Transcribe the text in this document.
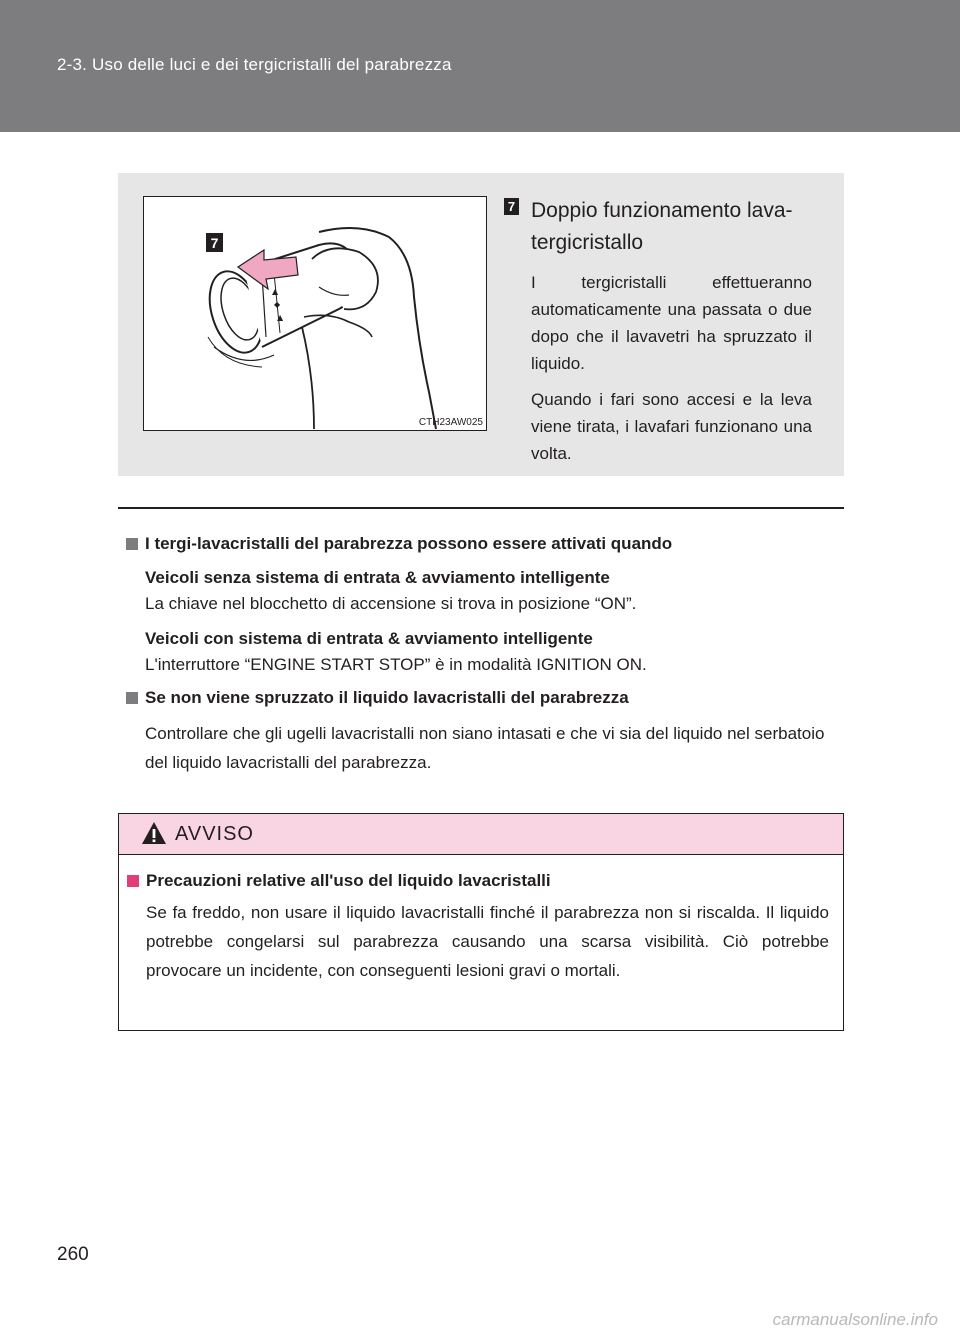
2-3. Uso delle luci e dei tergicristalli del parabrezza
▲
◆
▲
7
CTH23AW025
7 Doppio funzionamento lava-tergicristallo
I tergicristalli effettueranno automaticamente una passata o due dopo che il lavavetri ha spruzzato il liquido.
Quando i fari sono accesi e la leva viene tirata, i lavafari funzionano una volta.
I tergi-lavacristalli del parabrezza possono essere attivati quando
Veicoli senza sistema di entrata & avviamento intelligente
La chiave nel blocchetto di accensione si trova in posizione “ON”.
Veicoli con sistema di entrata & avviamento intelligente
L'interruttore “ENGINE START STOP” è in modalità IGNITION ON.
Se non viene spruzzato il liquido lavacristalli del parabrezza
Controllare che gli ugelli lavacristalli non siano intasati e che vi sia del liquido nel serbatoio del liquido lavacristalli del parabrezza.
AVVISO
Precauzioni relative all'uso del liquido lavacristalli
Se fa freddo, non usare il liquido lavacristalli finché il parabrezza non si riscalda. Il liquido potrebbe congelarsi sul parabrezza causando una scarsa visibilità. Ciò potrebbe provocare un incidente, con conseguenti lesioni gravi o mortali.
260
carmanualsonline.info
